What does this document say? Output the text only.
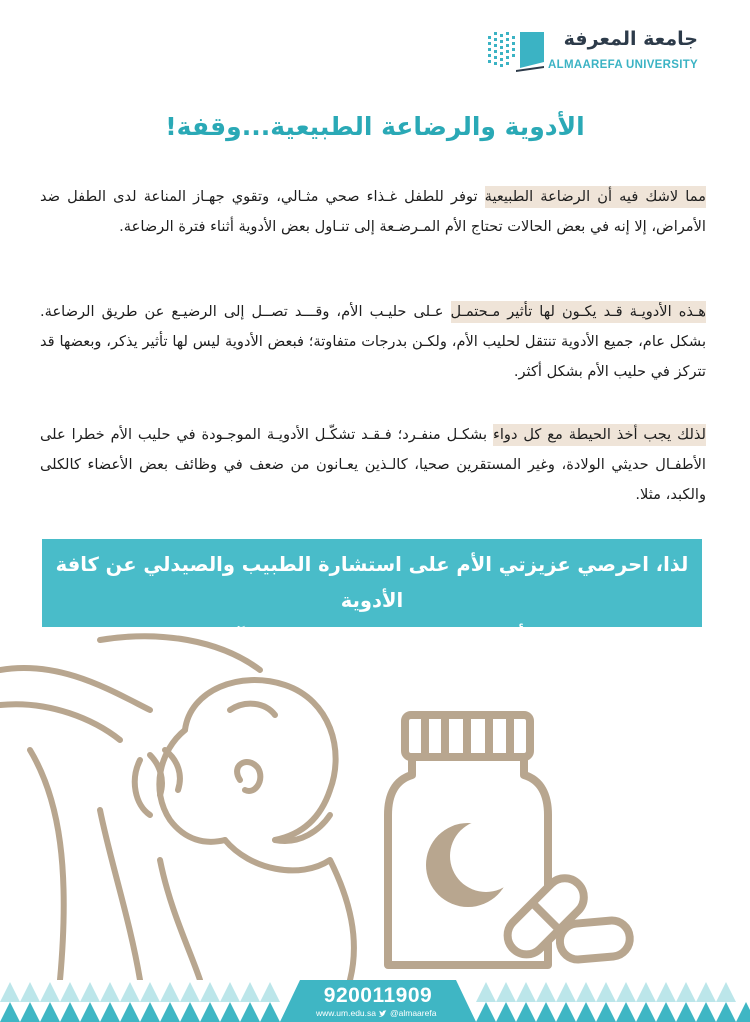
جامعة المعرفة
ALMAAREFA UNIVERSITY
الأدوية والرضاعة الطبيعية...وقفة!
مما لاشك فيه أن الرضاعة الطبيعية توفر للطفل غـذاء صحي مثـالي، وتقوي جهـاز المناعة لدى الطفل ضد الأمراض، إلا إنه في بعض الحالات تحتاج الأم المـرضـعة إلى تنـاول بعض الأدوية أثناء فترة الرضاعة.
هـذه الأدويـة قـد يكـون لها تأثير مـحتمـل عـلى حليـب الأم، وقـــد تصــل إلى الرضيـع عن طريق الرضاعة. بشكل عام، جميع الأدوية تنتقل لحليب الأم، ولكـن بدرجات متفاوتة؛ فبعض الأدوية ليس لها تأثير يذكر، وبعضها قد تتركز في حليب الأم بشكل أكثر.
لذلك يجب أخذ الحيطة مع كل دواء بشكـل منفـرد؛ فـقـد تشكّـل الأدويـة الموجـودة في حليب الأم خطرا على الأطفـال حديثي الولادة، وغير المستقرين صحيا، كالـذين يعـانون من ضعف في وظائف بعض الأعضاء كالكلى والكبد، مثلا.
لذا، احرصي عزيزتي الأم على استشارة الطبيب والصيدلي عن كافة الأدوية
المستخدمة أثناء فترة الرضاعة والبدائل الآمنة المتوفرة.
920011909
www.um.edu.sa @almaarefa
